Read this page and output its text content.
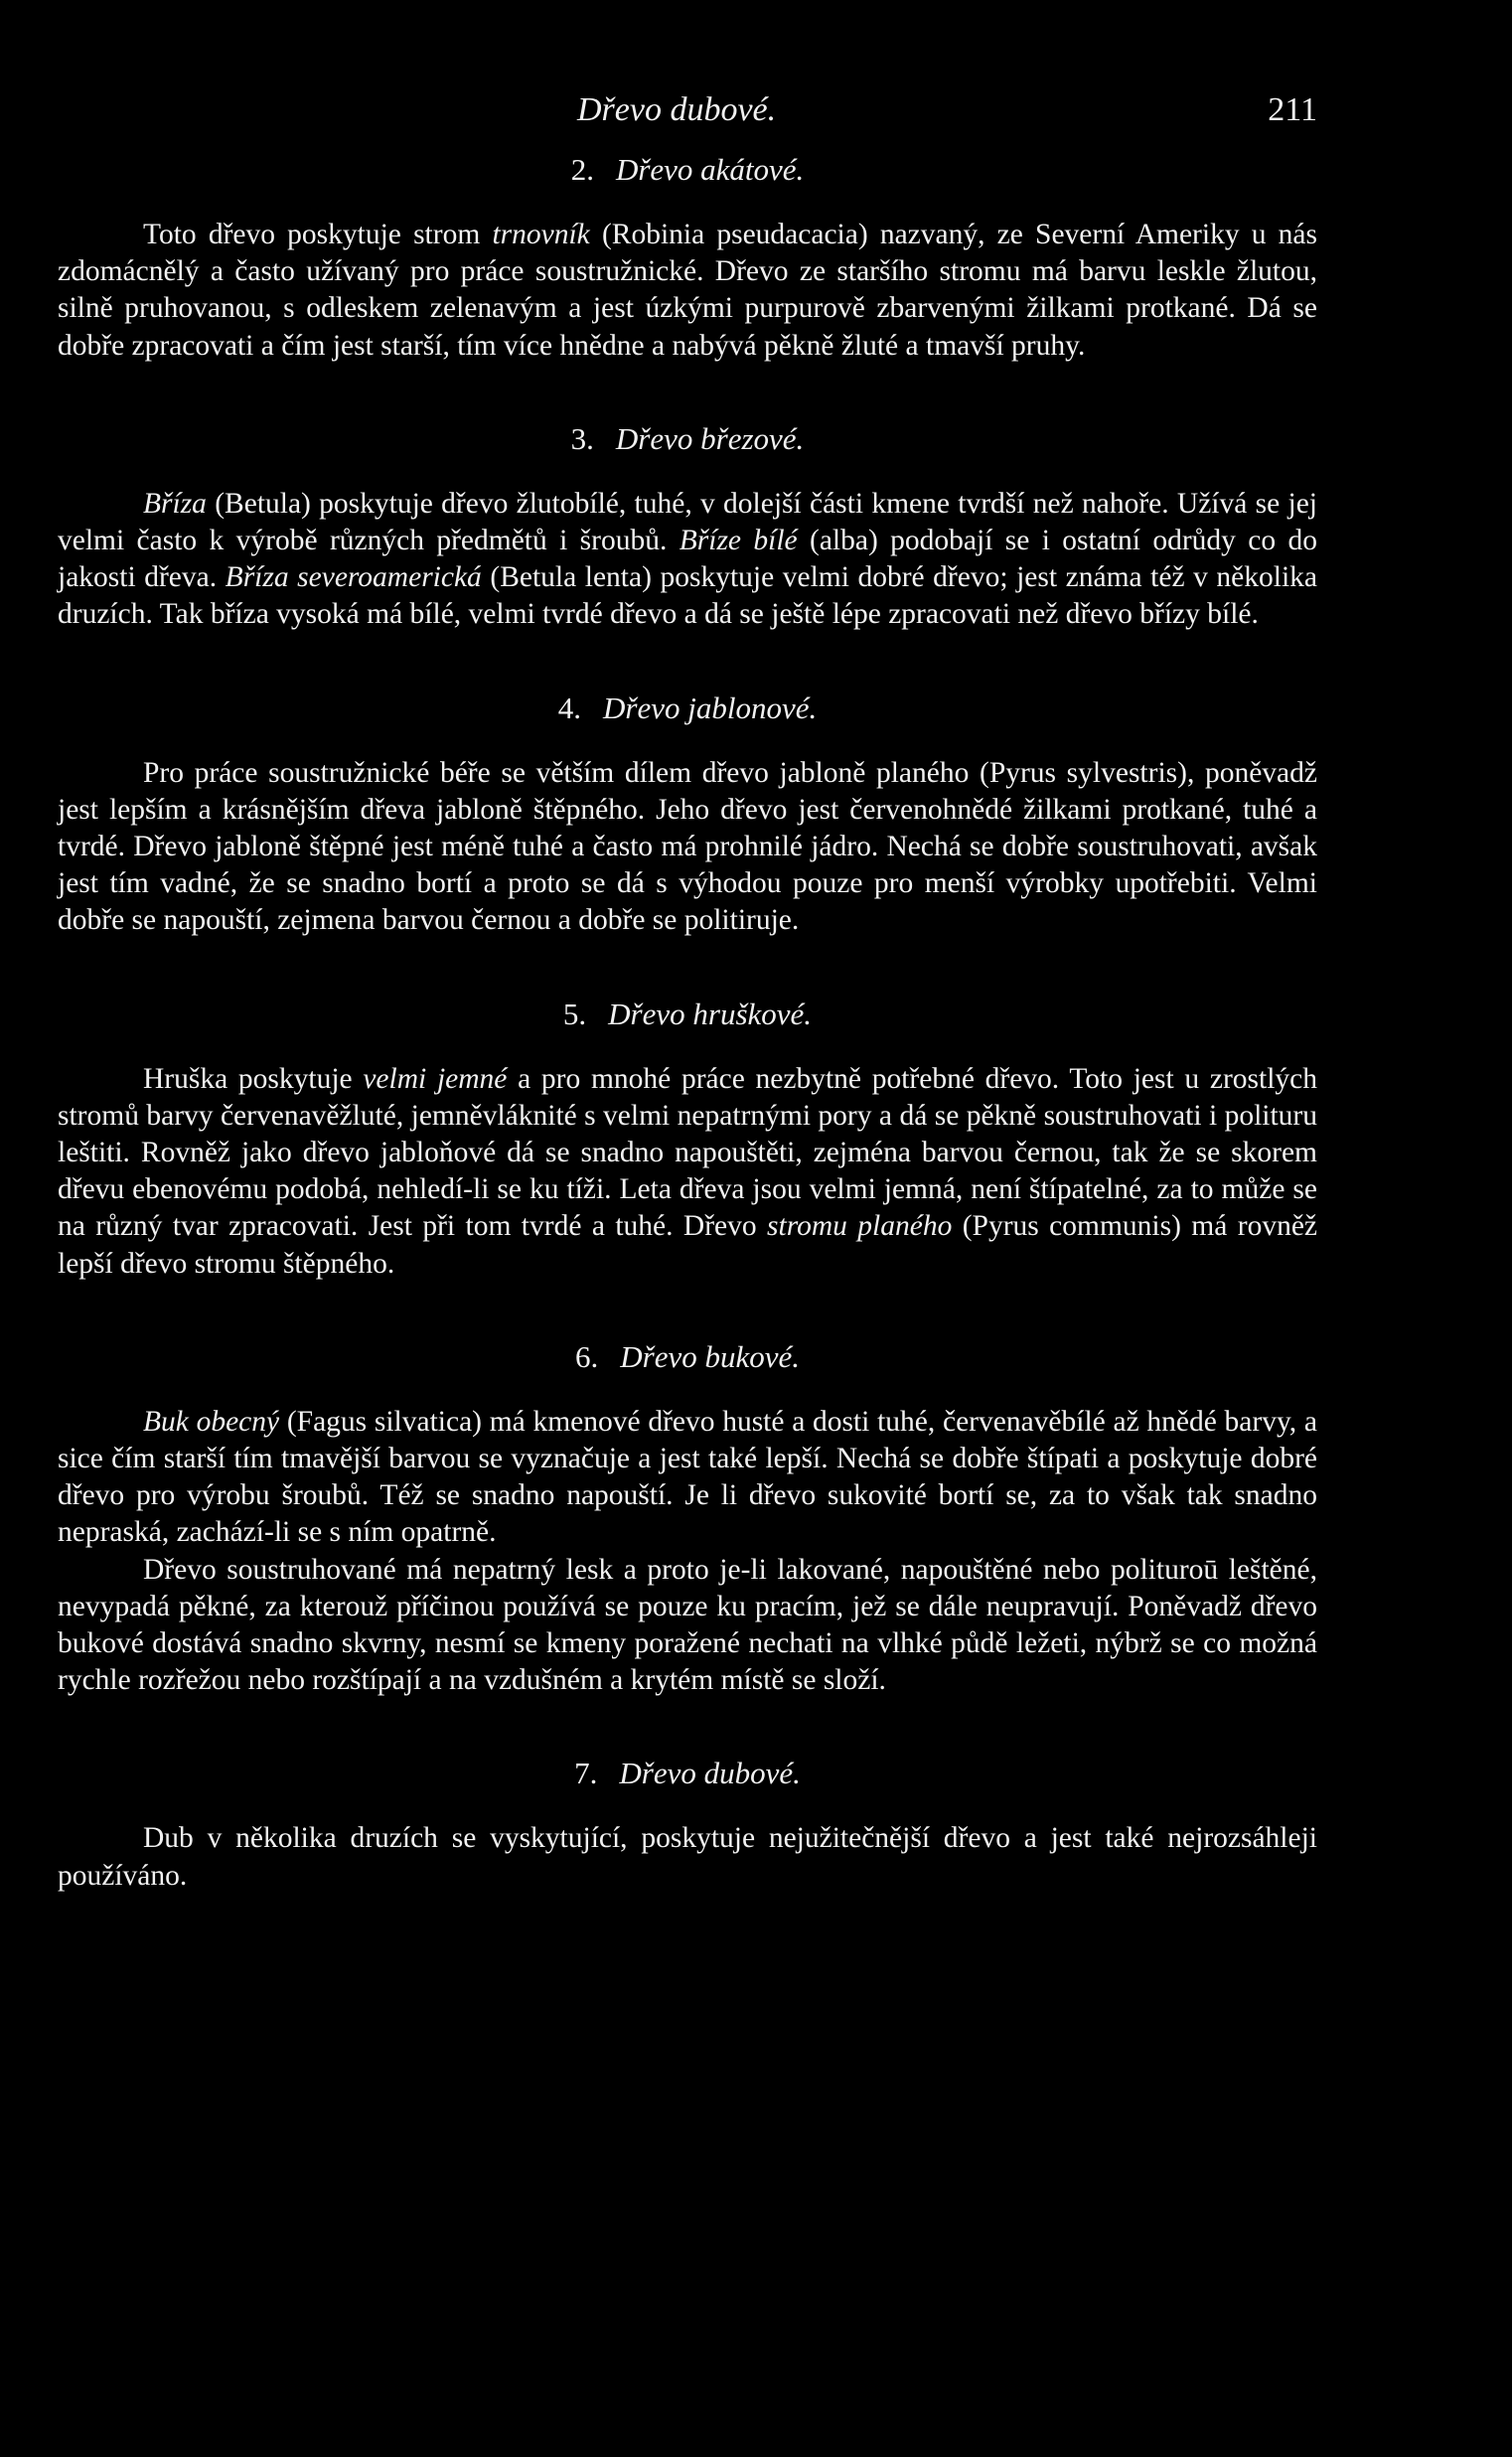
Dřevo dubové.	211
2. Dřevo akátové.

Toto dřevo poskytuje strom trnovník (Robinia pseudacacia) nazvaný, ze Severní Ameriky u nás zdomácnělý a často užívaný pro práce soustružnické. Dřevo ze staršího stromu má barvu leskle žlutou, silně pruhovanou, s odleskem zelenavým a jest úzkými purpurově zbarvenými žilkami protkané. Dá se dobře zpracovati a čím jest starší, tím více hnědne a nabývá pěkně žluté a tmavší pruhy.

3. Dřevo březové.

Bříza (Betula) poskytuje dřevo žlutobílé, tuhé, v dolejší části kmene tvrdší než nahoře. Užívá se jej velmi často k výrobě různých předmětů i šroubů. Bříze bílé (alba) podobají se i ostatní odrůdy co do jakosti dřeva. Bříza severoamerická (Betula lenta) poskytuje velmi dobré dřevo; jest známa též v několika druzích. Tak bříza vysoká má bílé, velmi tvrdé dřevo a dá se ještě lépe zpracovati než dřevo břízy bílé.

4. Dřevo jablonové.

Pro práce soustružnické béře se větším dílem dřevo jabloně planého (Pyrus sylvestris), poněvadž jest lepším a krásnějším dřeva jabloně štěpného. Jeho dřevo jest červenohnědé žilkami protkané, tuhé a tvrdé. Dřevo jabloně štěpné jest méně tuhé a často má prohnilé jádro. Nechá se dobře soustruhovati, avšak jest tím vadné, že se snadno bortí a proto se dá s výhodou pouze pro menší výrobky upotřebiti. Velmi dobře se napouští, zejmena barvou černou a dobře se politiruje.

5. Dřevo hruškové.

Hruška poskytuje velmi jemné a pro mnohé práce nezbytně potřebné dřevo. Toto jest u zrostlých stromů barvy červenavěžluté, jemněvláknité s velmi nepatrnými pory a dá se pěkně soustruhovati i polituru leštiti. Rovněž jako dřevo jabloňové dá se snadno napouštěti, zejména barvou černou, tak že se skorem dřevu ebenovému podobá, nehledí-li se ku tíži. Leta dřeva jsou velmi jemná, není štípatelné, za to může se na různý tvar zpracovati. Jest při tom tvrdé a tuhé. Dřevo stromu planého (Pyrus communis) má rovněž lepší dřevo stromu štěpného.

6. Dřevo bukové.

Buk obecný (Fagus silvatica) má kmenové dřevo husté a dosti tuhé, červenavěbílé až hnědé barvy, a sice čím starší tím tmavější barvou se vyznačuje a jest také lepší. Nechá se dobře štípati a poskytuje dobré dřevo pro výrobu šroubů. Též se snadno napouští. Je li dřevo sukovité bortí se, za to však tak snadno nepraská, zachází-li se s ním opatrně.

Dřevo soustruhované má nepatrný lesk a proto je-li lakované, napouštěné nebo polituroū leštěné, nevypadá pěkné, za kterouž příčinou používá se pouze ku pracím, jež se dále neupravují. Poněvadž dřevo bukové dostává snadno skvrny, nesmí se kmeny poražené nechati na vlhké půdě ležeti, nýbrž se co možná rychle rozřežou nebo rozštípají a na vzdušném a krytém místě se složí.

7. Dřevo dubové.

Dub v několika druzích se vyskytující, poskytuje nejužitečnější dřevo a jest také nejrozsáhleji používáno.
